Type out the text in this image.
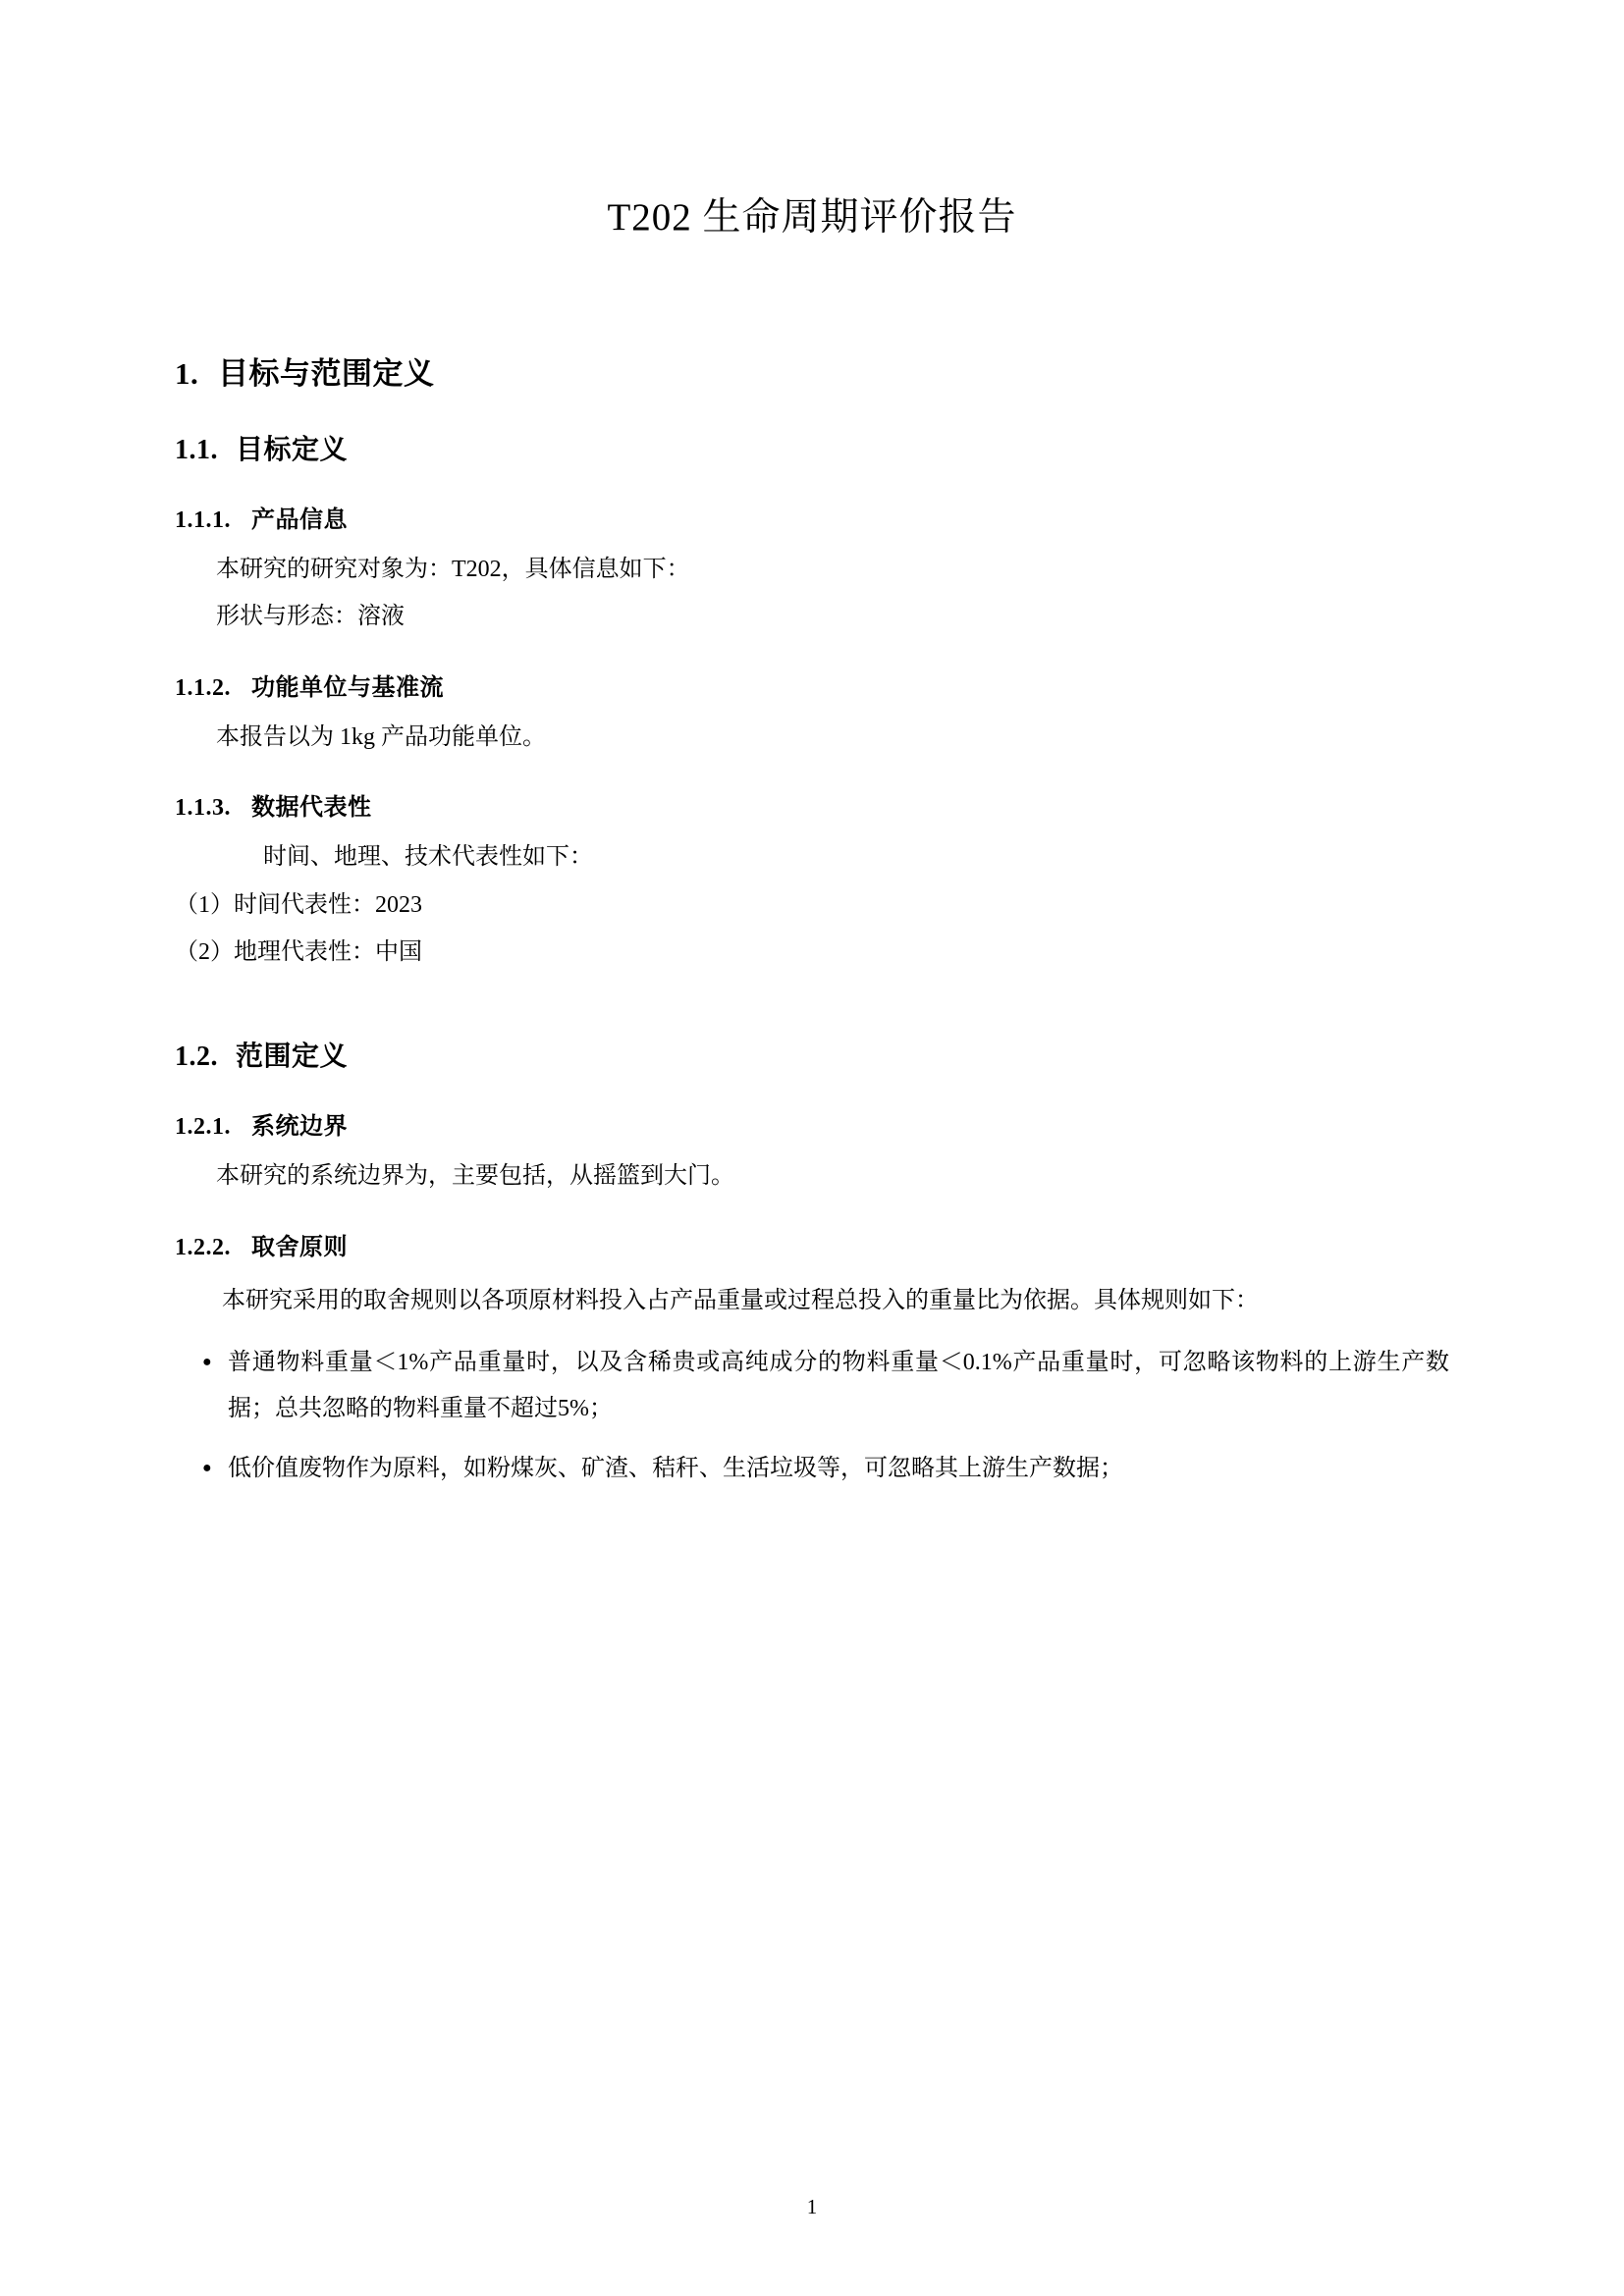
T202 生命周期评价报告
1. 目标与范围定义
1.1. 目标定义
1.1.1. 产品信息

本研究的研究对象为：T202，具体信息如下：

形状与形态：溶液

1.1.2. 功能单位与基准流

本报告以为 1kg 产品功能单位。

1.1.3. 数据代表性

时间、地理、技术代表性如下：

（1）时间代表性：2023

（2）地理代表性：中国

1.2. 范围定义
1.2.1. 系统边界

本研究的系统边界为，主要包括，从摇篮到大门。

1.2.2. 取舍原则

本研究采用的取舍规则以各项原材料投入占产品重量或过程总投入的重量比为依据。具体规则如下：

● 普通物料重量＜1%产品重量时，以及含稀贵或高纯成分的物料重量＜0.1%产品重量时，可忽略该物料的上游生产数据；总共忽略的物料重量不超过5%；
● 低价值废物作为原料，如粉煤灰、矿渣、秸秆、生活垃圾等，可忽略其上游生产数据；
1
